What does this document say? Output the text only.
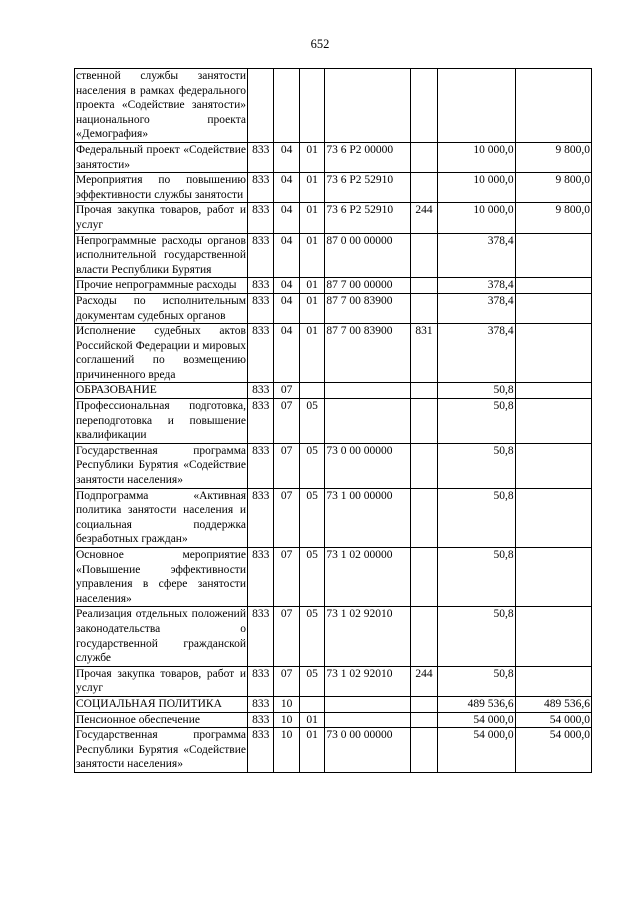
652
ственной службы занятости населения в рамках федерального проекта «Содействие занятости» национального проекта «Демография»							
Федеральный проект «Содействие занятости»	833	04	01	73 6 Р2 00000		10 000,0	9 800,0
Мероприятия по повышению эффективности службы занятости	833	04	01	73 6 Р2 52910		10 000,0	9 800,0
Прочая закупка товаров, работ и услуг	833	04	01	73 6 Р2 52910	244	10 000,0	9 800,0
Непрограммные расходы органов исполнительной государственной власти Республики Бурятия	833	04	01	87 0 00 00000		378,4	
Прочие непрограммные расходы	833	04	01	87 7 00 00000		378,4	
Расходы по исполнительным документам судебных органов	833	04	01	87 7 00 83900		378,4	
Исполнение судебных актов Российской Федерации и мировых соглашений по возмещению причиненного вреда	833	04	01	87 7 00 83900	831	378,4	
ОБРАЗОВАНИЕ	833	07				50,8	
Профессиональная подготовка, переподготовка и повышение квалификации	833	07	05			50,8	
Государственная программа Республики Бурятия «Содействие занятости населения»	833	07	05	73 0 00 00000		50,8	
Подпрограмма «Активная политика занятости населения и социальная поддержка безработных граждан»	833	07	05	73 1 00 00000		50,8	
Основное мероприятие «Повышение эффективности управления в сфере занятости населения»	833	07	05	73 1 02 00000		50,8	
Реализация отдельных положений законодательства о государственной гражданской службе	833	07	05	73 1 02 92010		50,8	
Прочая закупка товаров, работ и услуг	833	07	05	73 1 02 92010	244	50,8	
СОЦИАЛЬНАЯ ПОЛИТИКА	833	10				489 536,6	489 536,6
Пенсионное обеспечение	833	10	01			54 000,0	54 000,0
Государственная программа Республики Бурятия «Содействие занятости населения»	833	10	01	73 0 00 00000		54 000,0	54 000,0
